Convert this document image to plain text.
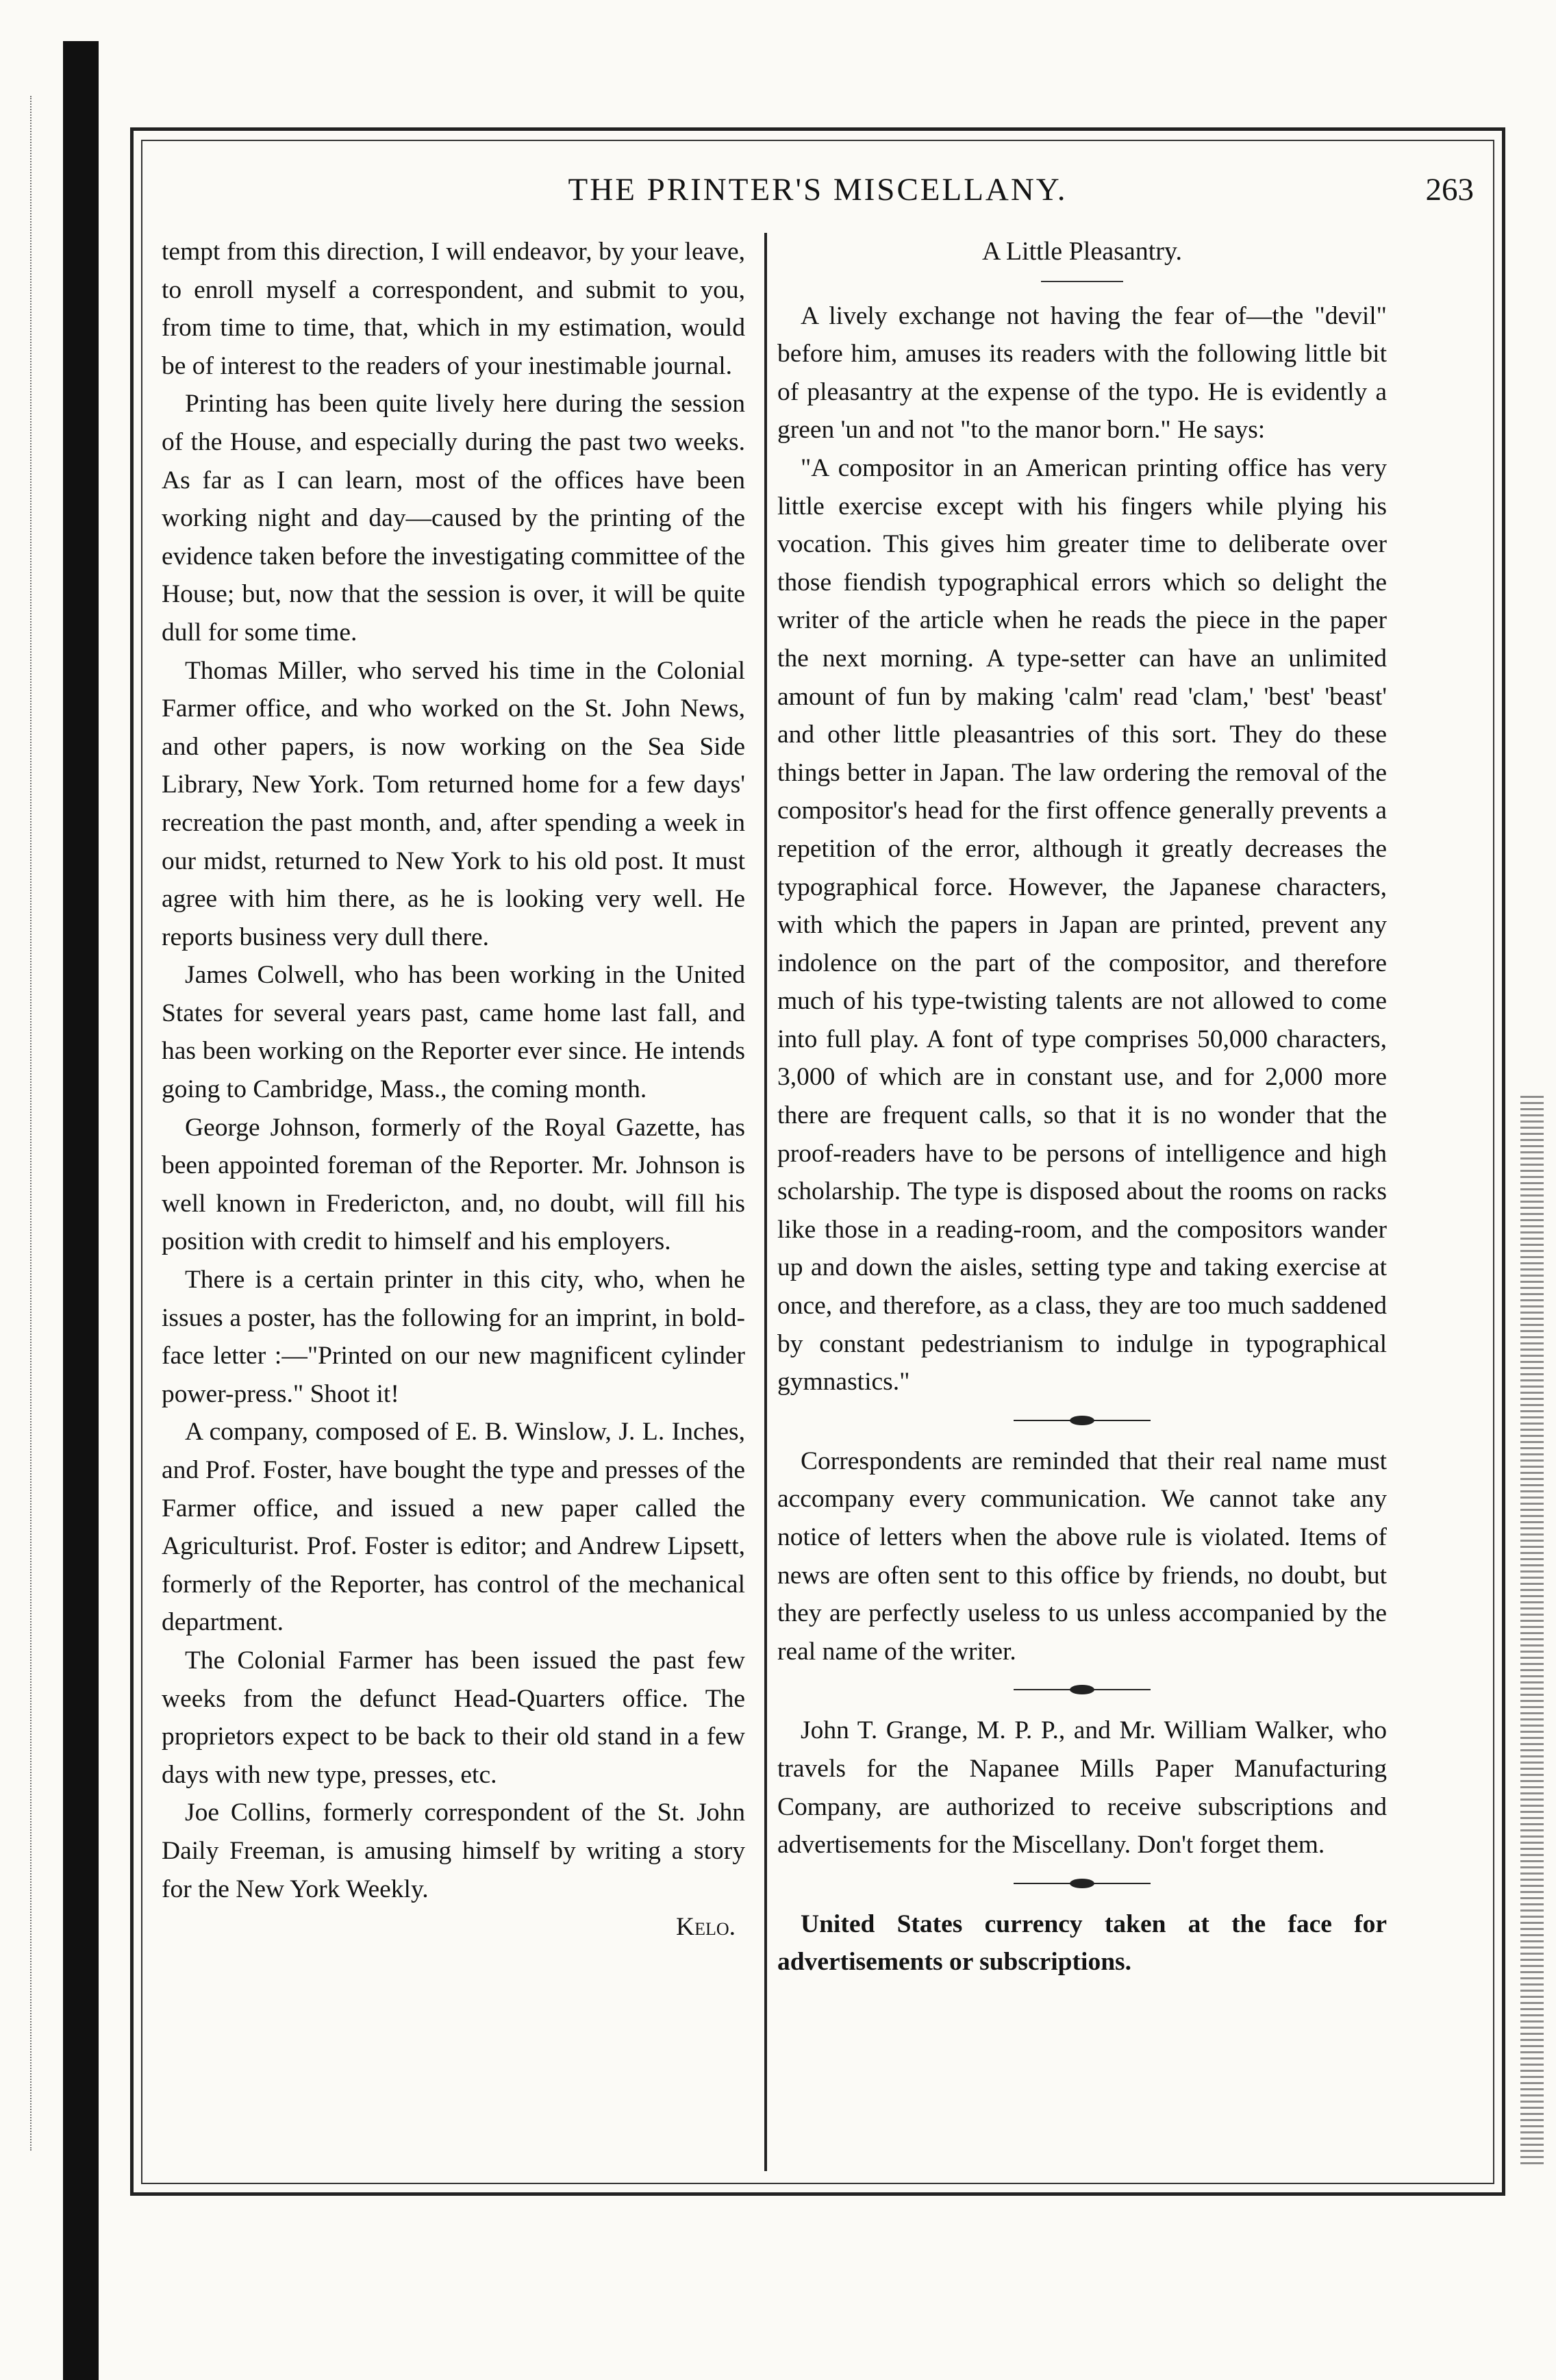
THE PRINTER'S MISCELLANY.	263

tempt from this direction, I will endeavor, by your leave, to enroll myself a correspondent, and submit to you, from time to time, that, which in my estimation, would be of interest to the readers of your inestimable journal.

Printing has been quite lively here during the session of the House, and especially during the past two weeks. As far as I can learn, most of the offices have been working night and day—caused by the printing of the evidence taken before the investigating committee of the House; but, now that the session is over, it will be quite dull for some time.

Thomas Miller, who served his time in the Colonial Farmer office, and who worked on the St. John News, and other papers, is now working on the Sea Side Library, New York. Tom returned home for a few days' recreation the past month, and, after spending a week in our midst, returned to New York to his old post. It must agree with him there, as he is looking very well. He reports business very dull there.

James Colwell, who has been working in the United States for several years past, came home last fall, and has been working on the Reporter ever since. He intends going to Cambridge, Mass., the coming month.

George Johnson, formerly of the Royal Gazette, has been appointed foreman of the Reporter. Mr. Johnson is well known in Fredericton, and, no doubt, will fill his position with credit to himself and his employers.

There is a certain printer in this city, who, when he issues a poster, has the following for an imprint, in bold-face letter :—"Printed on our new magnificent cylinder power-press." Shoot it!

A company, composed of E. B. Winslow, J. L. Inches, and Prof. Foster, have bought the type and presses of the Farmer office, and issued a new paper called the Agriculturist. Prof. Foster is editor; and Andrew Lipsett, formerly of the Reporter, has control of the mechanical department.

The Colonial Farmer has been issued the past few weeks from the defunct Head-Quarters office. The proprietors expect to be back to their old stand in a few days with new type, presses, etc.

Joe Collins, formerly correspondent of the St. John Daily Freeman, is amusing himself by writing a story for the New York Weekly.

Kelo.
A Little Pleasantry.

A lively exchange not having the fear of—the "devil" before him, amuses its readers with the following little bit of pleasantry at the expense of the typo. He is evidently a green 'un and not "to the manor born." He says:

"A compositor in an American printing office has very little exercise except with his fingers while plying his vocation. This gives him greater time to deliberate over those fiendish typographical errors which so delight the writer of the article when he reads the piece in the paper the next morning. A type-setter can have an unlimited amount of fun by making 'calm' read 'clam,' 'best' 'beast' and other little pleasantries of this sort. They do these things better in Japan. The law ordering the removal of the compositor's head for the first offence generally prevents a repetition of the error, although it greatly decreases the typographical force. However, the Japanese characters, with which the papers in Japan are printed, prevent any indolence on the part of the compositor, and therefore much of his type-twisting talents are not allowed to come into full play. A font of type comprises 50,000 characters, 3,000 of which are in constant use, and for 2,000 more there are frequent calls, so that it is no wonder that the proof-readers have to be persons of intelligence and high scholarship. The type is disposed about the rooms on racks like those in a reading-room, and the compositors wander up and down the aisles, setting type and taking exercise at once, and therefore, as a class, they are too much saddened by constant pedestrianism to indulge in typographical gymnastics."

Correspondents are reminded that their real name must accompany every communication. We cannot take any notice of letters when the above rule is violated. Items of news are often sent to this office by friends, no doubt, but they are perfectly useless to us unless accompanied by the real name of the writer.

John T. Grange, M. P. P., and Mr. William Walker, who travels for the Napanee Mills Paper Manufacturing Company, are authorized to receive subscriptions and advertisements for the Miscellany. Don't forget them.

United States currency taken at the face for advertisements or subscriptions.
